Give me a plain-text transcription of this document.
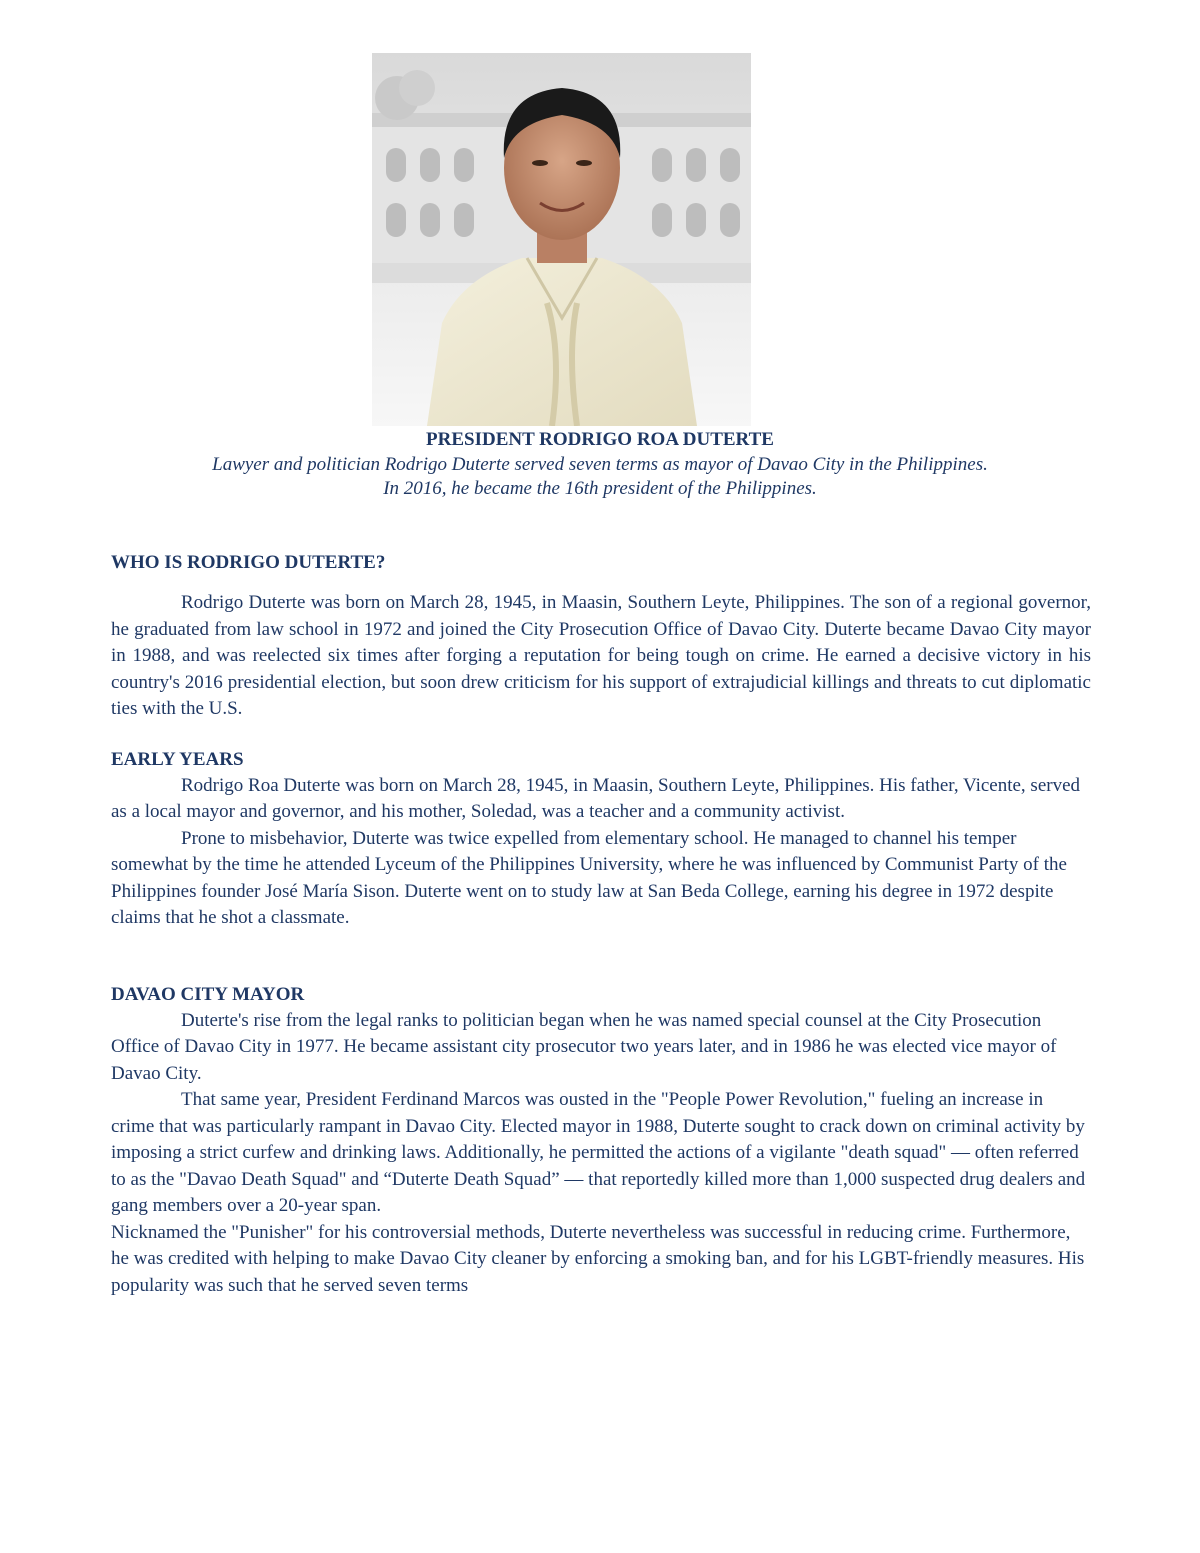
PRESIDENT RODRIGO ROA DUTERTE
Lawyer and politician Rodrigo Duterte served seven terms as mayor of Davao City in the Philippines.
In 2016, he became the 16th president of the Philippines.
WHO IS RODRIGO DUTERTE?

Rodrigo Duterte was born on March 28, 1945, in Maasin, Southern Leyte, Philippines. The son of a regional governor, he graduated from law school in 1972 and joined the City Prosecution Office of Davao City. Duterte became Davao City mayor in 1988, and was reelected six times after forging a reputation for being tough on crime. He earned a decisive victory in his country's 2016 presidential election, but soon drew criticism for his support of extrajudicial killings and threats to cut diplomatic ties with the U.S.

EARLY YEARS

Rodrigo Roa Duterte was born on March 28, 1945, in Maasin, Southern Leyte, Philippines. His father, Vicente, served as a local mayor and governor, and his mother, Soledad, was a teacher and a community activist.

Prone to misbehavior, Duterte was twice expelled from elementary school. He managed to channel his temper somewhat by the time he attended Lyceum of the Philippines University, where he was influenced by Communist Party of the Philippines founder José María Sison. Duterte went on to study law at San Beda College, earning his degree in 1972 despite claims that he shot a classmate.

DAVAO CITY MAYOR

Duterte's rise from the legal ranks to politician began when he was named special counsel at the City Prosecution Office of Davao City in 1977. He became assistant city prosecutor two years later, and in 1986 he was elected vice mayor of Davao City.

That same year, President Ferdinand Marcos was ousted in the "People Power Revolution," fueling an increase in crime that was particularly rampant in Davao City. Elected mayor in 1988, Duterte sought to crack down on criminal activity by imposing a strict curfew and drinking laws. Additionally, he permitted the actions of a vigilante "death squad" — often referred to as the "Davao Death Squad" and “Duterte Death Squad” — that reportedly killed more than 1,000 suspected drug dealers and gang members over a 20-year span.

Nicknamed the "Punisher" for his controversial methods, Duterte nevertheless was successful in reducing crime. Furthermore, he was credited with helping to make Davao City cleaner by enforcing a smoking ban, and for his LGBT-friendly measures. His popularity was such that he served seven terms
